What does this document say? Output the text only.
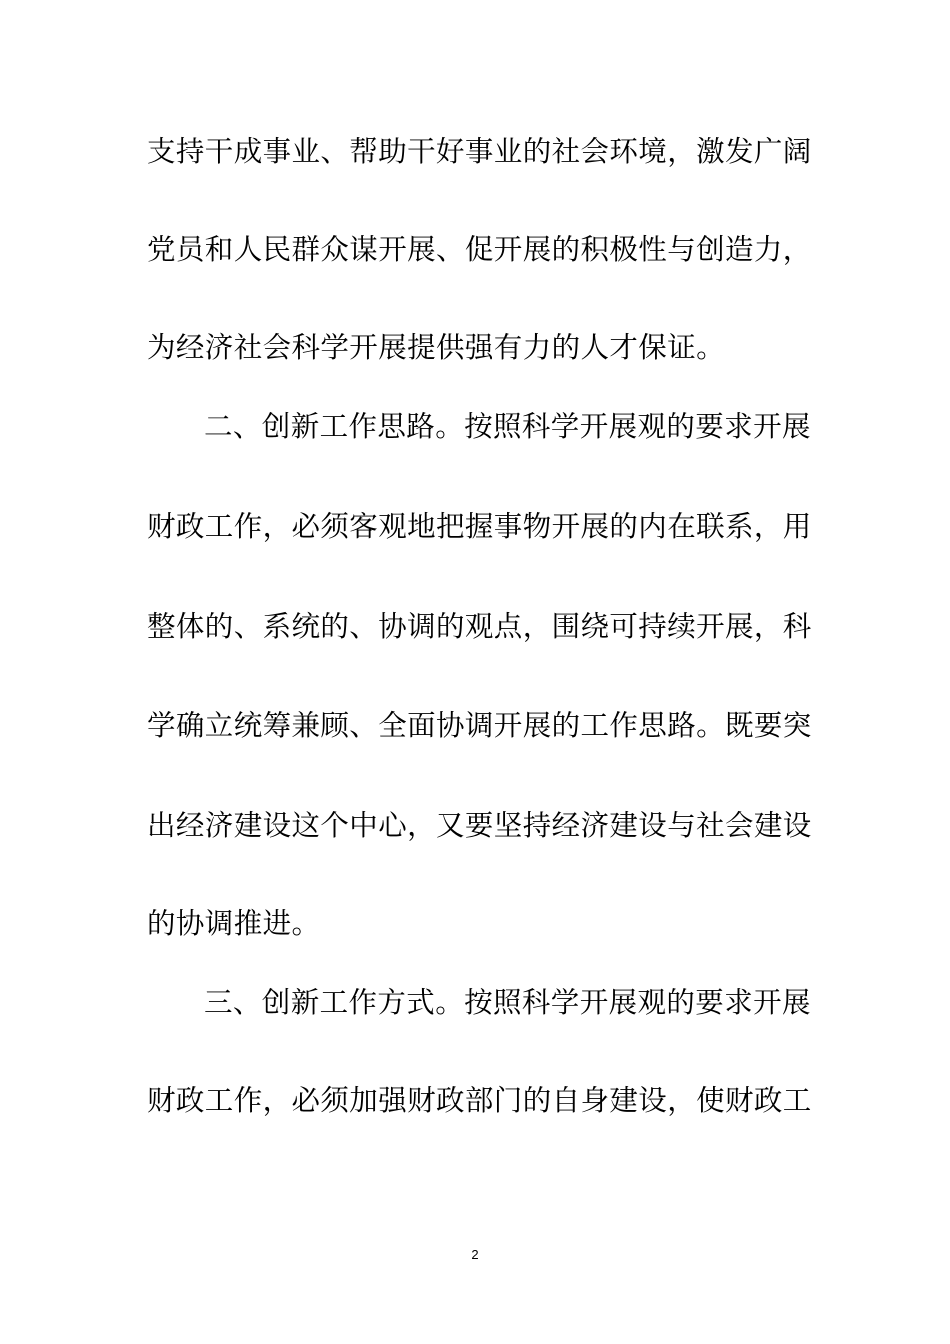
支持干成事业、帮助干好事业的社会环境，激发广阔
党员和人民群众谋开展、促开展的积极性与创造力，
为经济社会科学开展提供强有力的人才保证。
二、创新工作思路。按照科学开展观的要求开展
财政工作，必须客观地把握事物开展的内在联系，用
整体的、系统的、协调的观点，围绕可持续开展，科
学确立统筹兼顾、全面协调开展的工作思路。既要突
出经济建设这个中心，又要坚持经济建设与社会建设
的协调推进。
三、创新工作方式。按照科学开展观的要求开展
财政工作，必须加强财政部门的自身建设，使财政工
2
